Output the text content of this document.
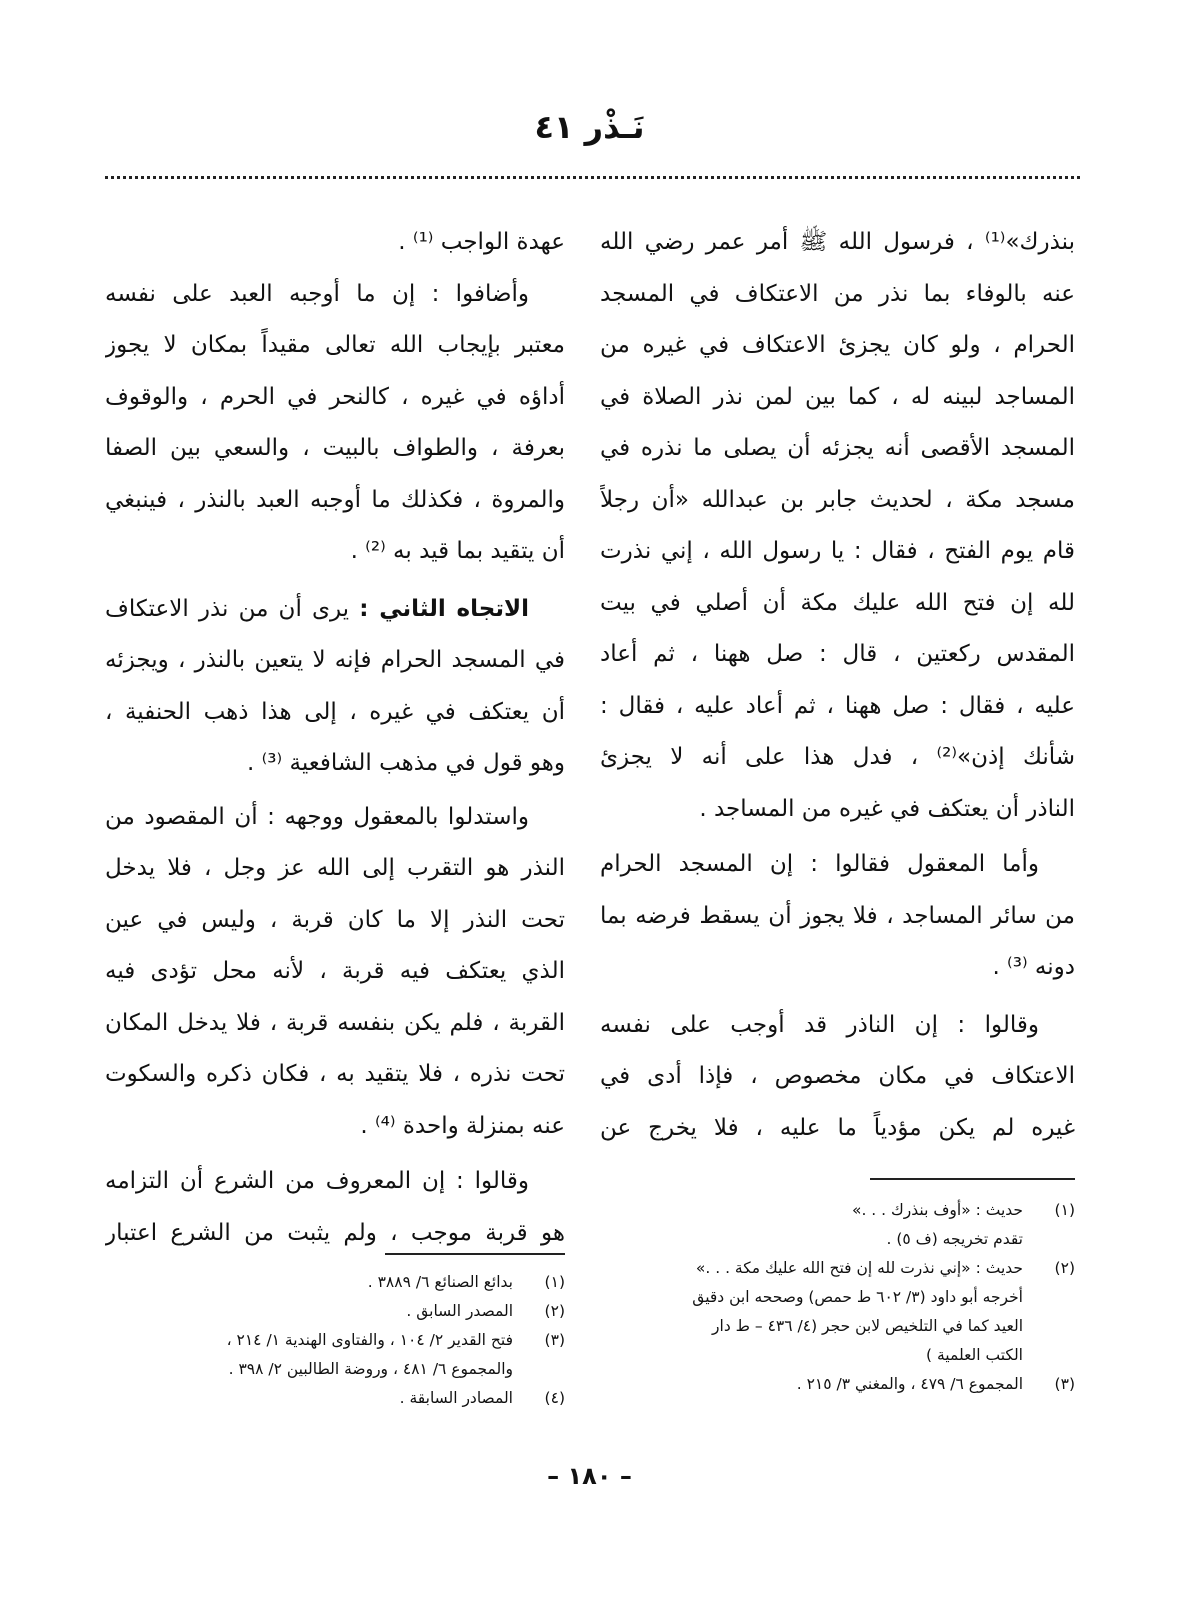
نَـذْر ٤١
بنذرك»⁽¹⁾ ، فرسول الله ﷺ أمر عمر رضي الله
عنه بالوفاء بما نذر من الاعتكاف في المسجد
الحرام ، ولو كان يجزئ الاعتكاف في غيره من
المساجد لبينه له ، كما بين لمن نذر الصلاة في
المسجد الأقصى أنه يجزئه أن يصلى ما نذره في
مسجد مكة ، لحديث جابر بن عبدالله «أن رجلاً
قام يوم الفتح ، فقال : يا رسول الله ، إني نذرت
لله إن فتح الله عليك مكة أن أصلي في بيت
المقدس ركعتين ، قال : صل ههنا ، ثم أعاد
عليه ، فقال : صل ههنا ، ثم أعاد عليه ، فقال :
شأنك إذن»⁽²⁾ ، فدل هذا على أنه لا يجزئ
الناذر أن يعتكف في غيره من المساجد .
وأما المعقول فقالوا : إن المسجد الحرام
من سائر المساجد ، فلا يجوز أن يسقط فرضه بما
دونه ⁽³⁾ .
وقالوا : إن الناذر قد أوجب على نفسه
الاعتكاف في مكان مخصوص ، فإذا أدى في
غيره لم يكن مؤدياً ما عليه ، فلا يخرج عن
عهدة الواجب ⁽¹⁾ .
وأضافوا : إن ما أوجبه العبد على نفسه
معتبر بإيجاب الله تعالى مقيداً بمكان لا يجوز
أداؤه في غيره ، كالنحر في الحرم ، والوقوف
بعرفة ، والطواف بالبيت ، والسعي بين الصفا
والمروة ، فكذلك ما أوجبه العبد بالنذر ، فينبغي
أن يتقيد بما قيد به ⁽²⁾ .
الاتجاه الثاني : يرى أن من نذر الاعتكاف
في المسجد الحرام فإنه لا يتعين بالنذر ، ويجزئه
أن يعتكف في غيره ، إلى هذا ذهب الحنفية ،
وهو قول في مذهب الشافعية ⁽³⁾ .
واستدلوا بالمعقول ووجهه : أن المقصود من
النذر هو التقرب إلى الله عز وجل ، فلا يدخل
تحت النذر إلا ما كان قربة ، وليس في عين
الذي يعتكف فيه قربة ، لأنه محل تؤدى فيه
القربة ، فلم يكن بنفسه قربة ، فلا يدخل المكان
تحت نذره ، فلا يتقيد به ، فكان ذكره والسكوت
عنه بمنزلة واحدة ⁽⁴⁾ .
وقالوا : إن المعروف من الشرع أن التزامه
هو قربة موجب ، ولم يثبت من الشرع اعتبار
(١)
حديث : «أوف بنذرك . . .»
تقدم تخريجه (ف ٥) .
(٢)
حديث : «إني نذرت لله إن فتح الله عليك مكة . . .»
أخرجه أبو داود (٣/ ٦٠٢ ط حمص) وصححه ابن دقيق
العيد كما في التلخيص لابن حجر (٤/ ٤٣٦ – ط دار
الكتب العلمية )
(٣)
المجموع ٦/ ٤٧٩ ، والمغني ٣/ ٢١٥ .
(١)
بدائع الصنائع ٦/ ٣٨٨٩ .
(٢)
المصدر السابق .
(٣)
فتح القدير ٢/ ١٠٤ ، والفتاوى الهندية ١/ ٢١٤ ،
والمجموع ٦/ ٤٨١ ، وروضة الطالبين ٢/ ٣٩٨ .
(٤)
المصادر السابقة .
– ١٨٠ –
